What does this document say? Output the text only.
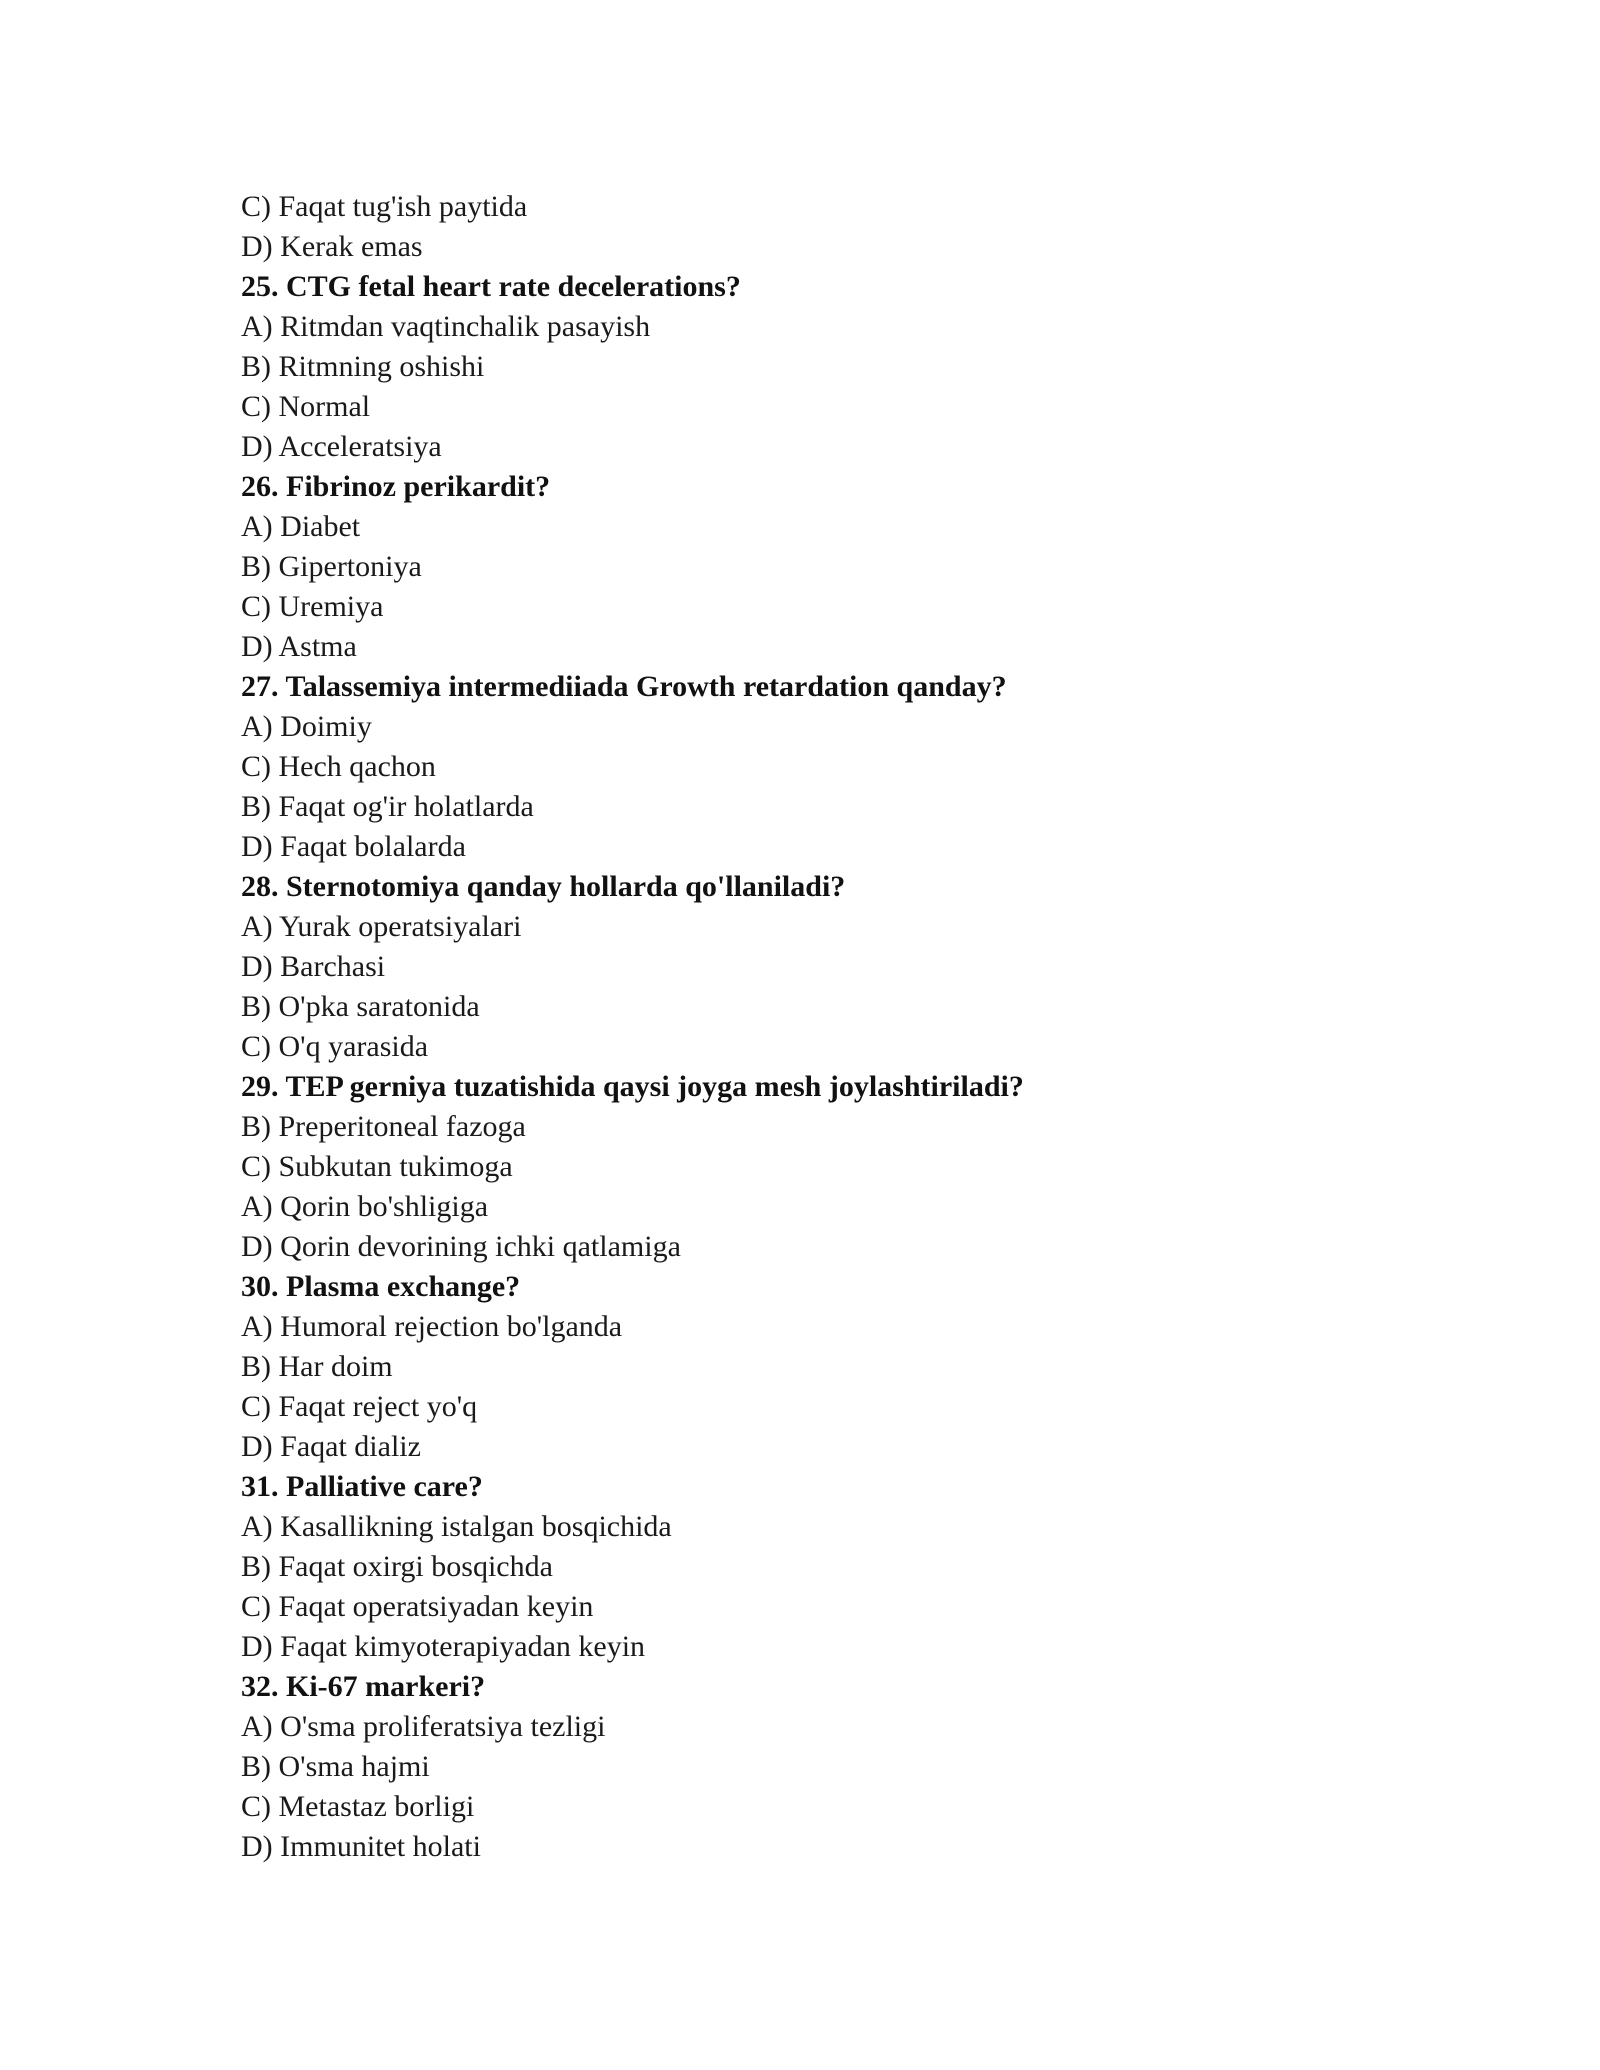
C) Faqat tug'ish paytida
D) Kerak emas
25. CTG fetal heart rate decelerations?
A) Ritmdan vaqtinchalik pasayish
B) Ritmning oshishi
C) Normal
D) Acceleratsiya
26. Fibrinoz perikardit?
A) Diabet
B) Gipertoniya
C) Uremiya
D) Astma
27. Talassemiya intermediiada Growth retardation qanday?
A) Doimiy
C) Hech qachon
B) Faqat og'ir holatlarda
D) Faqat bolalarda
28. Sternotomiya qanday hollarda qo'llaniladi?
A) Yurak operatsiyalari
D) Barchasi
B) O'pka saratonida
C) O'q yarasida
29. TEP gerniya tuzatishida qaysi joyga mesh joylashtiriladi?
B) Preperitoneal fazoga
C) Subkutan tukimoga
A) Qorin bo'shligiga
D) Qorin devorining ichki qatlamiga
30. Plasma exchange?
A) Humoral rejection bo'lganda
B) Har doim
C) Faqat reject yo'q
D) Faqat dializ
31. Palliative care?
A) Kasallikning istalgan bosqichida
B) Faqat oxirgi bosqichda
C) Faqat operatsiyadan keyin
D) Faqat kimyoterapiyadan keyin
32. Ki-67 markeri?
A) O'sma proliferatsiya tezligi
B) O'sma hajmi
C) Metastaz borligi
D) Immunitet holati
